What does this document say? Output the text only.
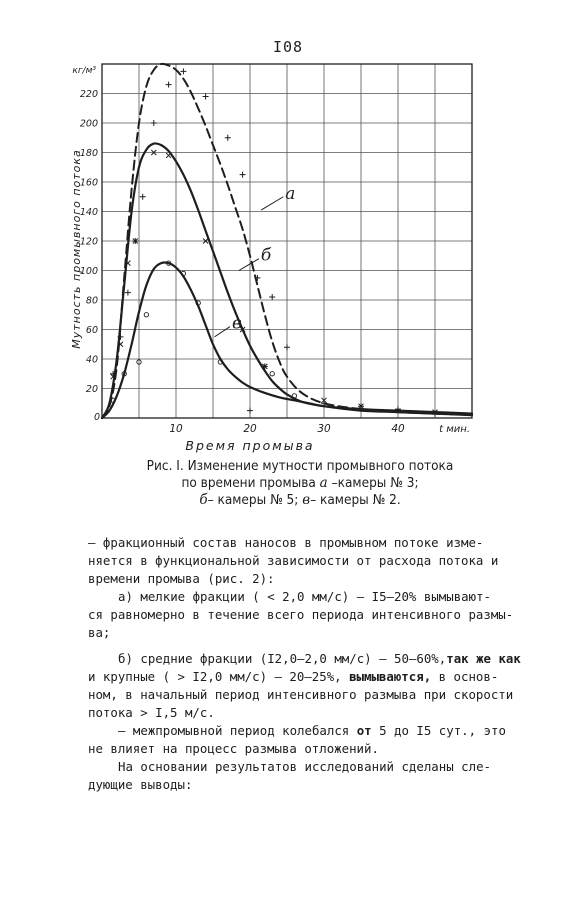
I08
20
40
60
80
100
120
140
160
180
200
220
10	20	30	40
0
кг/м³
t мин.
Время промыва
Мутность промывного потока	а
б
в
Рис. I. Изменение мутности промывного потока
по времени промыва а –камеры № 3;
б– камеры № 5; в– камеры № 2.
– фракционный состав наносов в промывном потоке изме-
няется в функциональной зависимости от расхода потока и
времени промыва (рис. 2):
а) мелкие фракции ( < 2,0 мм/с) – I5–20% вымывают-
ся равномерно в течение всего периода интенсивного размы-
ва;
б) средние фракции (I2,0–2,0 мм/с) – 50–60%,так же как
и крупные ( > I2,0 мм/с) – 20–25%, вымываются, в основ-
ном, в начальный период интенсивного размыва при скорости
потока > I,5 м/с.
– межпромывной период колебался от 5 до I5 сут., это
не влияет на процесс размыва отложений.
На основании результатов исследований сделаны сле-
дующие выводы:
